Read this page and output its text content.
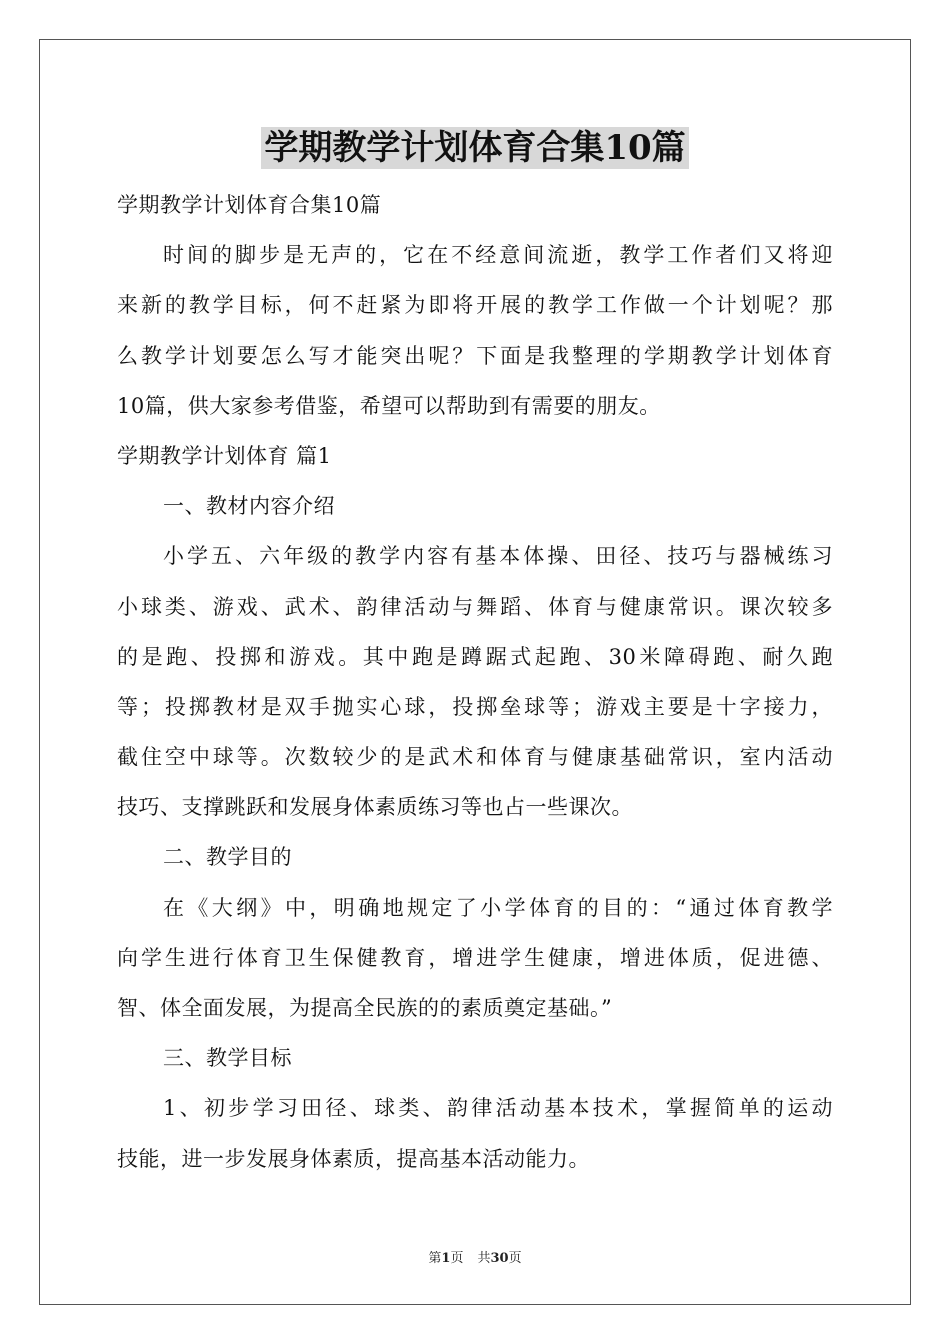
学期教学计划体育合集10篇
学期教学计划体育合集10篇
时间的脚步是无声的，它在不经意间流逝，教学工作者们又将迎
来新的教学目标，何不赶紧为即将开展的教学工作做一个计划呢？那
么教学计划要怎么写才能突出呢？下面是我整理的学期教学计划体育
10篇，供大家参考借鉴，希望可以帮助到有需要的朋友。
学期教学计划体育 篇1
一、教材内容介绍
小学五、六年级的教学内容有基本体操、田径、技巧与器械练习
小球类、游戏、武术、韵律活动与舞蹈、体育与健康常识。课次较多
的是跑、投掷和游戏。其中跑是蹲踞式起跑、30米障碍跑、耐久跑
等；投掷教材是双手抛实心球，投掷垒球等；游戏主要是十字接力，
截住空中球等。次数较少的是武术和体育与健康基础常识，室内活动
技巧、支撑跳跃和发展身体素质练习等也占一些课次。
二、教学目的
在《大纲》中，明确地规定了小学体育的目的：“通过体育教学
向学生进行体育卫生保健教育，增进学生健康，增进体质，促进德、
智、体全面发展，为提高全民族的的素质奠定基础。”
三、教学目标
1、初步学习田径、球类、韵律活动基本技术，掌握简单的运动
技能，进一步发展身体素质，提高基本活动能力。
第1页 共30页
